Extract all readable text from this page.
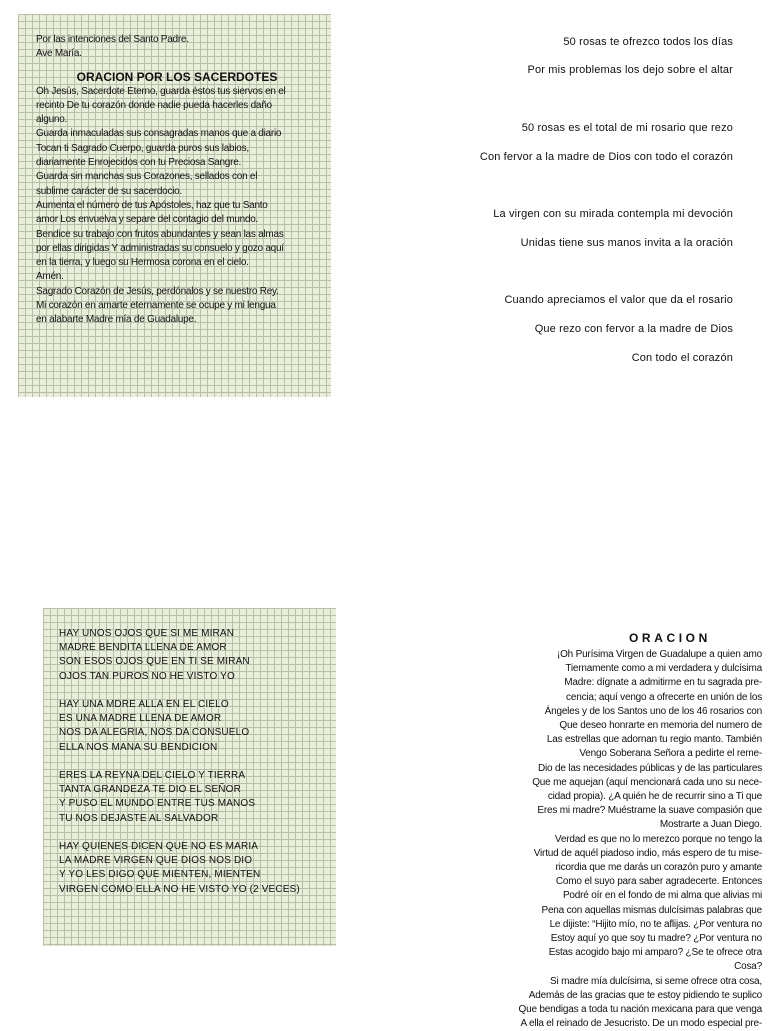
Por las intenciones del Santo Padre.
Ave María.
ORACION POR LOS SACERDOTES
Oh Jesús, Sacerdote Eterno, guarda éstos tus siervos en el
recinto De tu corazón donde nadie pueda hacerles daño
alguno.
Guarda inmaculadas sus consagradas manos que a diario
Tocan ti Sagrado Cuerpo, guarda puros sus labios,
diariamente Enrojecidos con tu Preciosa Sangre.
Guarda sin manchas sus Corazones, sellados con el
sublime carácter de su sacerdocio.
Aumenta el número de tus Apóstoles, haz que tu Santo
amor Los envuelva y separe del contagio del mundo.
Bendice su trabajo con frutos abundantes y sean las almas
por ellas dirigidas Y administradas su consuelo y gozo aquí
en la tierra, y luego su Hermosa corona en el cielo.
Amén.
Sagrado Corazón de Jesús, perdónalos y se nuestro Rey.
Mi corazón en amarte eternamente se ocupe y mi lengua
en alabarte Madre mía de Guadalupe.
50 rosas te ofrezco todos los días
Por mis problemas los dejo sobre el altar
50 rosas es el total de mi rosario que rezo
Con fervor a la madre de Dios con todo el corazón
La virgen con su mirada contempla mi devoción
Unidas tiene sus manos invita a la oración
Cuando apreciamos el valor que da el rosario
Que rezo con fervor a la madre de Dios
Con todo el corazón
HAY UNOS OJOS QUE SI ME MIRAN
MADRE BENDITA LLENA DE AMOR
SON ESOS OJOS QUE EN TI SE MIRAN
OJOS TAN PUROS NO HE VISTO YO
HAY UNA MDRE ALLA EN EL CIELO
ES UNA MADRE LLENA DE AMOR
NOS DA ALEGRIA, NOS DA CONSUELO
ELLA NOS MANA SU BENDICION
ERES LA REYNA DEL CIELO Y TIERRA
TANTA GRANDEZA TE DIO EL SEÑOR
Y PUSO EL MUNDO ENTRE TUS MANOS
TU NOS DEJASTE AL SALVADOR
HAY QUIENES DICEN QUE NO ES MARIA
LA MADRE VIRGEN QUE DIOS NOS DIO
Y YO LES DIGO QUE MIENTEN, MIENTEN
VIRGEN COMO ELLA NO HE VISTO YO (2 VECES)
ORACION
¡Oh Purísima Virgen de Guadalupe a quien amo
Tiernamente como a mi verdadera y dulcísima
Madre: dígnate a admitirme en tu sagrada pre-
cencia; aquí vengo a ofrecerte en unión de los
Ángeles y de los Santos uno de los 46 rosarios con
Que deseo honrarte en memoria del numero de
Las estrellas que adornan tu regio manto. También
Vengo Soberana Señora a pedirte el reme-
Dio de las necesidades públicas y de las particulares
Que me aquejan (aquí mencionará cada uno su nece-
cidad propia). ¿A quién he de recurrir sino a Ti que
Eres mi madre? Muéstrame la suave compasión que
Mostrarte a Juan Diego.
Verdad es que no lo merezco porque no tengo la
Virtud de aquél piadoso indio, más espero de tu mise-
ricordia que me darás un corazón puro y amante
Como el suyo para saber agradecerte. Entonces
Podré oír en el fondo de mi alma que alivias mi
Pena con aquellas mismas dulcísimas palabras que
Le dijiste: “Hijito mío, no te aflijas. ¿Por ventura no
Estoy aquí yo que soy tu madre? ¿Por ventura no
Estas acogido bajo mi amparo? ¿Se te ofrece otra
Cosa?
Si madre mía dulcísima, si seme ofrece otra cosa,
Además de las gracias que te estoy pidiendo te suplico
Que bendigas a toda tu nación mexicana para que venga
A ella el reinado de Jesucristo. De un modo especial pre-
